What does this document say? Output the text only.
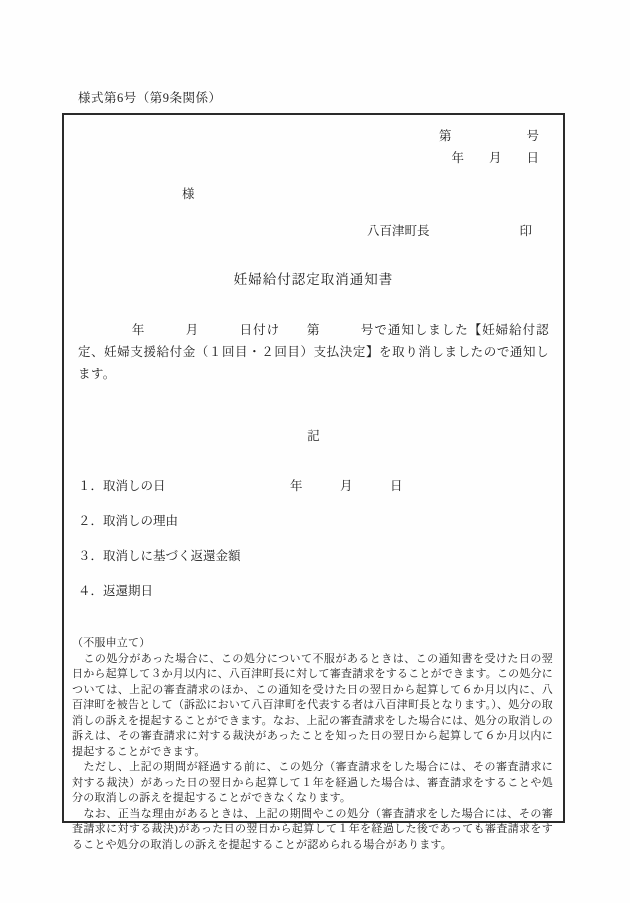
様式第6号（第9条関係）
第　　　　　　号
年　　月　　日
様
八百津町長	印
妊婦給付認定取消通知書

　　　　年　　　月　　　日付け　　第　　　号で通知しました【妊婦給付認定、妊婦支援給付金（１回目・２回目）支払決定】を取り消しましたので通知します。

記
１．取消しの日	年　　　月　　　日
２．取消しの理由
３．取消しに基づく返還金額
４．返還期日
（不服申立て）

　この処分があった場合に、この処分について不服があるときは、この通知書を受けた日の翌日から起算して３か月以内に、八百津町長に対して審査請求をすることができます。この処分については、上記の審査請求のほか、この通知を受けた日の翌日から起算して６か月以内に、八百津町を被告として（訴訟において八百津町を代表する者は八百津町長となります。）、処分の取消しの訴えを提起することができます。なお、上記の審査請求をした場合には、処分の取消しの訴えは、その審査請求に対する裁決があったことを知った日の翌日から起算して６か月以内に提起することができます。

　ただし、上記の期間が経過する前に、この処分（審査請求をした場合には、その審査請求に対する裁決）があった日の翌日から起算して１年を経過した場合は、審査請求をすることや処分の取消しの訴えを提起することができなくなります。

　なお、正当な理由があるときは、上記の期間やこの処分（審査請求をした場合には、その審査請求に対する裁決)があった日の翌日から起算して１年を経過した後であっても審査請求をすることや処分の取消しの訴えを提起することが認められる場合があります。
